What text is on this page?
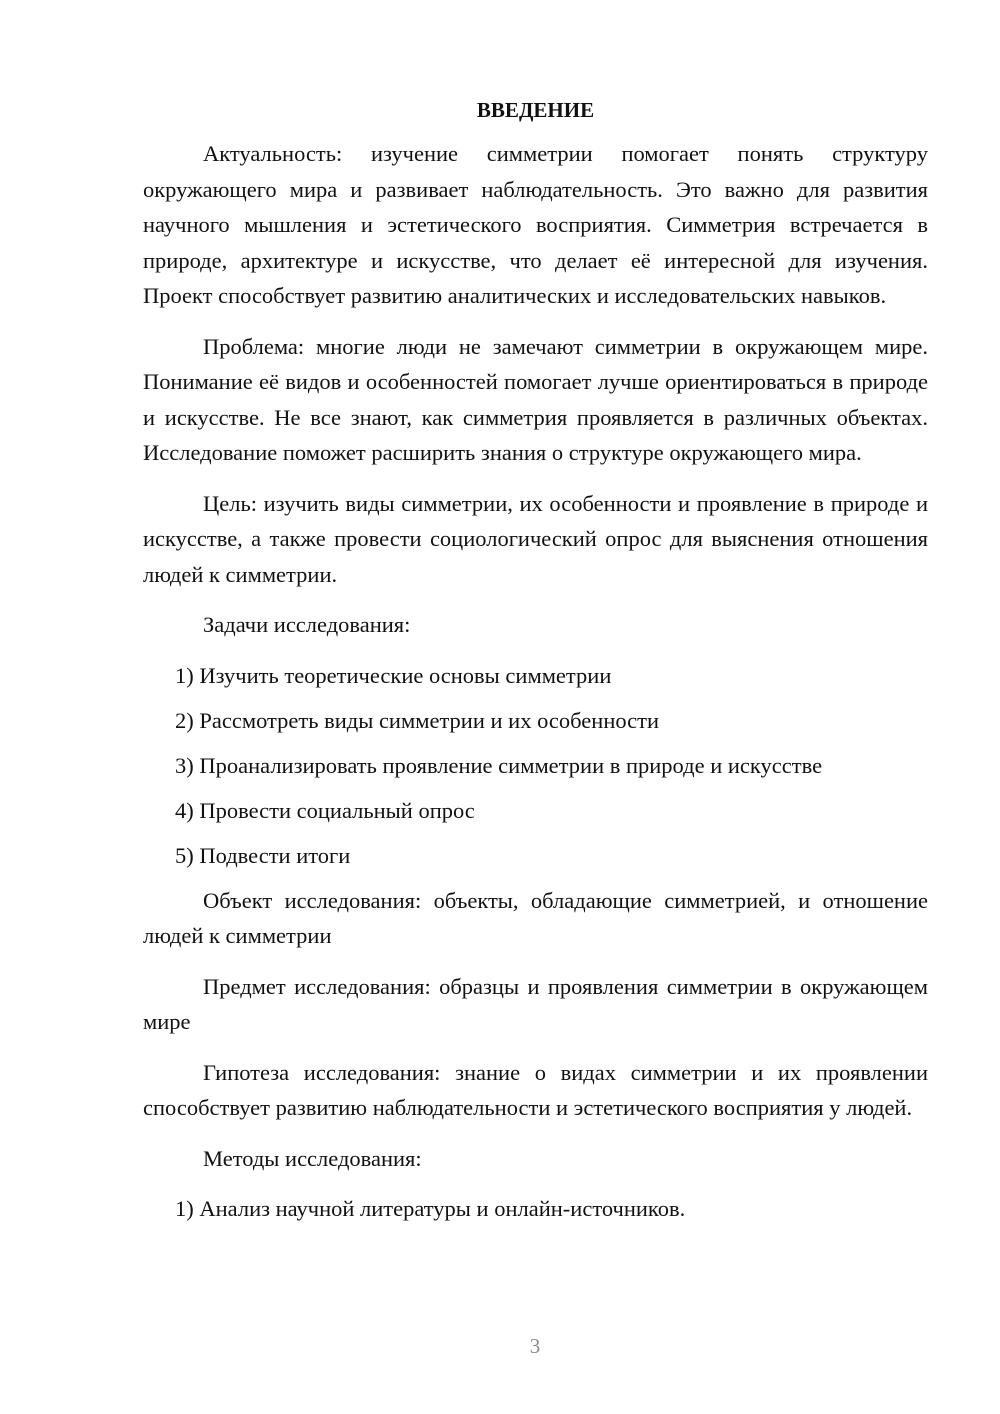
ВВЕДЕНИЕ

Актуальность: изучение симметрии помогает понять структуру окружающего мира и развивает наблюдательность. Это важно для развития научного мышления и эстетического восприятия. Симметрия встречается в природе, архитектуре и искусстве, что делает её интересной для изучения. Проект способствует развитию аналитических и исследовательских навыков.

Проблема: многие люди не замечают симметрии в окружающем мире. Понимание её видов и особенностей помогает лучше ориентироваться в природе и искусстве. Не все знают, как симметрия проявляется в различных объектах. Исследование поможет расширить знания о структуре окружающего мира.

Цель: изучить виды симметрии, их особенности и проявление в природе и искусстве, а также провести социологический опрос для выяснения отношения людей к симметрии.

Задачи исследования:

1) Изучить теоретические основы симметрии
2) Рассмотреть виды симметрии и их особенности
3) Проанализировать проявление симметрии в природе и искусстве
4) Провести социальный опрос
5) Подвести итоги

Объект исследования: объекты, обладающие симметрией, и отношение людей к симметрии

Предмет исследования: образцы и проявления симметрии в окружающем мире

Гипотеза исследования: знание о видах симметрии и их проявлении способствует развитию наблюдательности и эстетического восприятия у людей.

Методы исследования:

1) Анализ научной литературы и онлайн-источников.
3
